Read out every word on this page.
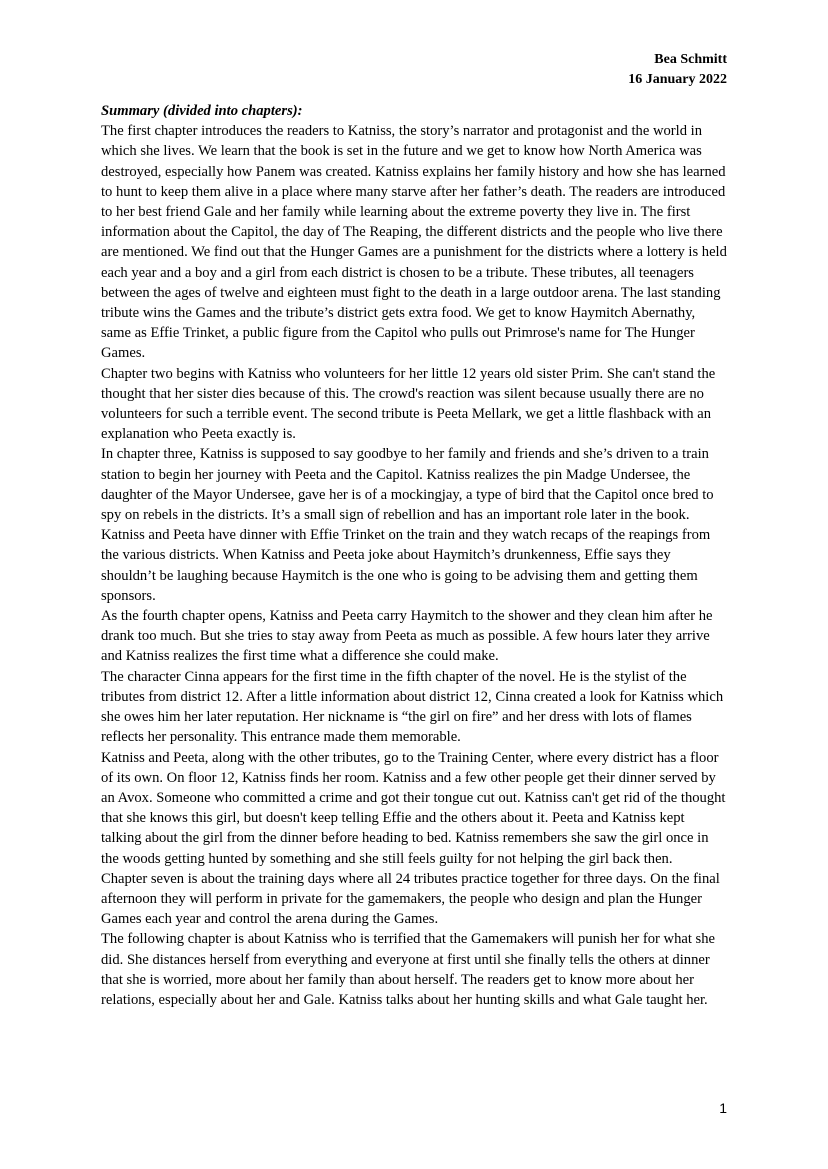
Bea Schmitt
16 January 2022

Summary (divided into chapters):

The first chapter introduces the readers to Katniss, the story’s narrator and protagonist and the world in which she lives. We learn that the book is set in the future and we get to know how North America was destroyed, especially how Panem was created. Katniss explains her family history and how she has learned to hunt to keep them alive in a place where many starve after her father’s death. The readers are introduced to her best friend Gale and her family while learning about the extreme poverty they live in. The first information about the Capitol, the day of The Reaping, the different districts and the people who live there are mentioned. We find out that the Hunger Games are a punishment for the districts where a lottery is held each year and a boy and a girl from each district is chosen to be a tribute. These tributes, all teenagers between the ages of twelve and eighteen must fight to the death in a large outdoor arena. The last standing tribute wins the Games and the tribute’s district gets extra food. We get to know Haymitch Abernathy, same as Effie Trinket, a public figure from the Capitol who pulls out Primrose's name for The Hunger Games.

Chapter two begins with Katniss who volunteers for her little 12 years old sister Prim. She can't stand the thought that her sister dies because of this. The crowd's reaction was silent because usually there are no volunteers for such a terrible event. The second tribute is Peeta Mellark, we get a little flashback with an explanation who Peeta exactly is.

In chapter three, Katniss is supposed to say goodbye to her family and friends and she’s driven to a train station to begin her journey with Peeta and the Capitol. Katniss realizes the pin Madge Undersee, the daughter of the Mayor Undersee, gave her is of a mockingjay, a type of bird that the Capitol once bred to spy on rebels in the districts. It’s a small sign of rebellion and has an important role later in the book. Katniss and Peeta have dinner with Effie Trinket on the train and they watch recaps of the reapings from the various districts. When Katniss and Peeta joke about Haymitch’s drunkenness, Effie says they shouldn’t be laughing because Haymitch is the one who is going to be advising them and getting them sponsors.

As the fourth chapter opens, Katniss and Peeta carry Haymitch to the shower and they clean him after he drank too much. But she tries to stay away from Peeta as much as possible. A few hours later they arrive and Katniss realizes the first time what a difference she could make.

The character Cinna appears for the first time in the fifth chapter of the novel. He is the stylist of the tributes from district 12. After a little information about district 12, Cinna created a look for Katniss which she owes him her later reputation. Her nickname is “the girl on fire” and her dress with lots of flames reflects her personality. This entrance made them memorable.

Katniss and Peeta, along with the other tributes, go to the Training Center, where every district has a floor of its own. On floor 12, Katniss finds her room. Katniss and a few other people get their dinner served by an Avox. Someone who committed a crime and got their tongue cut out. Katniss can't get rid of the thought that she knows this girl, but doesn't keep telling Effie and the others about it. Peeta and Katniss kept talking about the girl from the dinner before heading to bed. Katniss remembers she saw the girl once in the woods getting hunted by something and she still feels guilty for not helping the girl back then.

Chapter seven is about the training days where all 24 tributes practice together for three days. On the final afternoon they will perform in private for the gamemakers, the people who design and plan the Hunger Games each year and control the arena during the Games.

The following chapter is about Katniss who is terrified that the Gamemakers will punish her for what she did. She distances herself from everything and everyone at first until she finally tells the others at dinner that she is worried, more about her family than about herself. The readers get to know more about her relations, especially about her and Gale. Katniss talks about her hunting skills and what Gale taught her.

1
